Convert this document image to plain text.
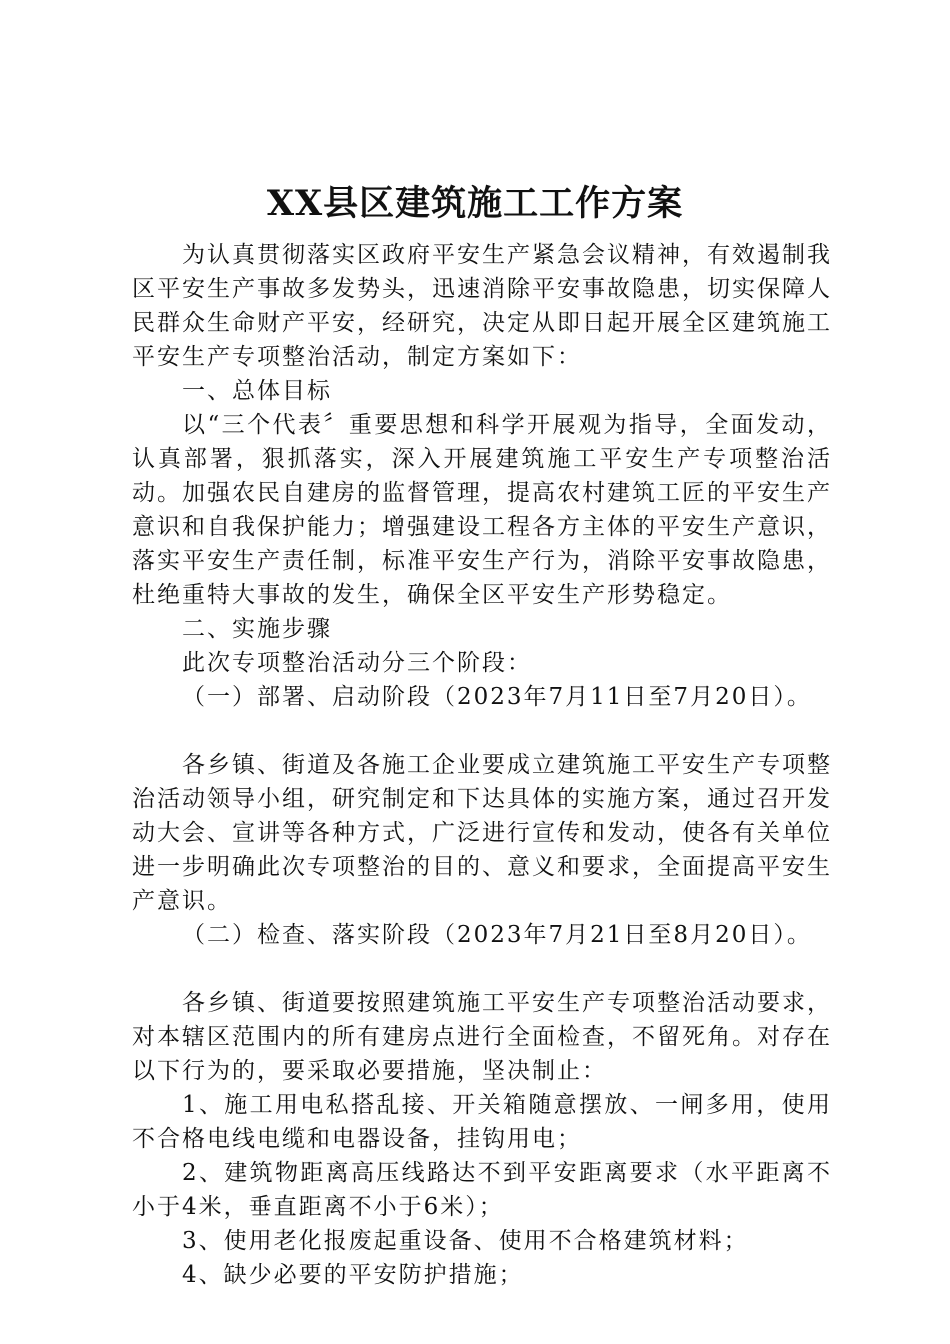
XX县区建筑施工工作方案

为认真贯彻落实区政府平安生产紧急会议精神，有效遏制我区平安生产事故多发势头，迅速消除平安事故隐患，切实保障人民群众生命财产平安，经研究，决定从即日起开展全区建筑施工平安生产专项整治活动，制定方案如下：

一、总体目标

以“三个代表〞重要思想和科学开展观为指导，全面发动，认真部署，狠抓落实，深入开展建筑施工平安生产专项整治活动。加强农民自建房的监督管理，提高农村建筑工匠的平安生产意识和自我保护能力；增强建设工程各方主体的平安生产意识，落实平安生产责任制，标准平安生产行为，消除平安事故隐患，杜绝重特大事故的发生，确保全区平安生产形势稳定。

二、实施步骤

此次专项整治活动分三个阶段：

（一）部署、启动阶段（2023年7月11日至7月20日）。

各乡镇、街道及各施工企业要成立建筑施工平安生产专项整治活动领导小组，研究制定和下达具体的实施方案，通过召开发动大会、宣讲等各种方式，广泛进行宣传和发动，使各有关单位进一步明确此次专项整治的目的、意义和要求，全面提高平安生产意识。

（二）检查、落实阶段（2023年7月21日至8月20日）。

各乡镇、街道要按照建筑施工平安生产专项整治活动要求，对本辖区范围内的所有建房点进行全面检查，不留死角。对存在以下行为的，要采取必要措施，坚决制止：

1、施工用电私搭乱接、开关箱随意摆放、一闸多用，使用不合格电线电缆和电器设备，挂钩用电；

2、建筑物距离高压线路达不到平安距离要求（水平距离不小于4米，垂直距离不小于6米）；

3、使用老化报废起重设备、使用不合格建筑材料；

4、缺少必要的平安防护措施；
